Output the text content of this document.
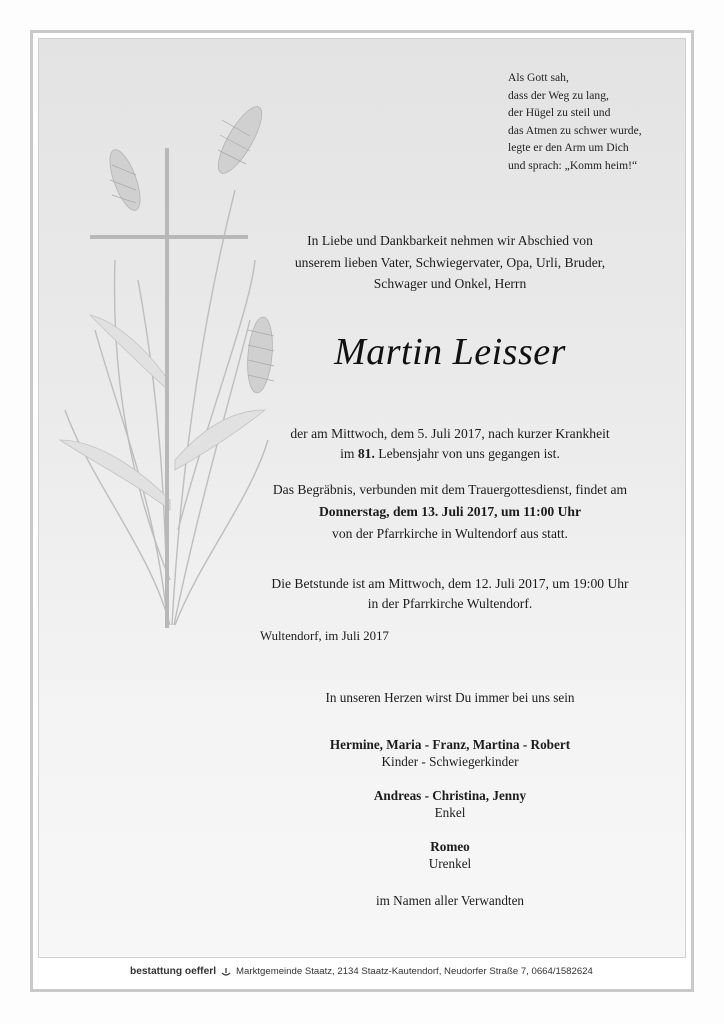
Als Gott sah,
dass der Weg zu lang,
der Hügel zu steil und
das Atmen zu schwer wurde,
legte er den Arm um Dich
und sprach: „Komm heim!“
In Liebe und Dankbarkeit nehmen wir Abschied von
unserem lieben Vater, Schwiegervater, Opa, Urli, Bruder,
Schwager und Onkel, Herrn
Martin Leisser
der am Mittwoch, dem 5. Juli 2017, nach kurzer Krankheit
im 81. Lebensjahr von uns gegangen ist.
Das Begräbnis, verbunden mit dem Trauergottesdienst, findet am
Donnerstag, dem 13. Juli 2017, um 11:00 Uhr
von der Pfarrkirche in Wultendorf aus statt.
Die Betstunde ist am Mittwoch, dem 12. Juli 2017, um 19:00 Uhr
in der Pfarrkirche Wultendorf.
Wultendorf, im Juli 2017
In unseren Herzen wirst Du immer bei uns sein
Hermine, Maria - Franz, Martina - Robert
Kinder - Schwiegerkinder
Andreas - Christina, Jenny
Enkel
Romeo
Urenkel
im Namen aller Verwandten
bestattung oefferl Marktgemeinde Staatz, 2134 Staatz-Kautendorf, Neudorfer Straße 7, 0664/1582624
